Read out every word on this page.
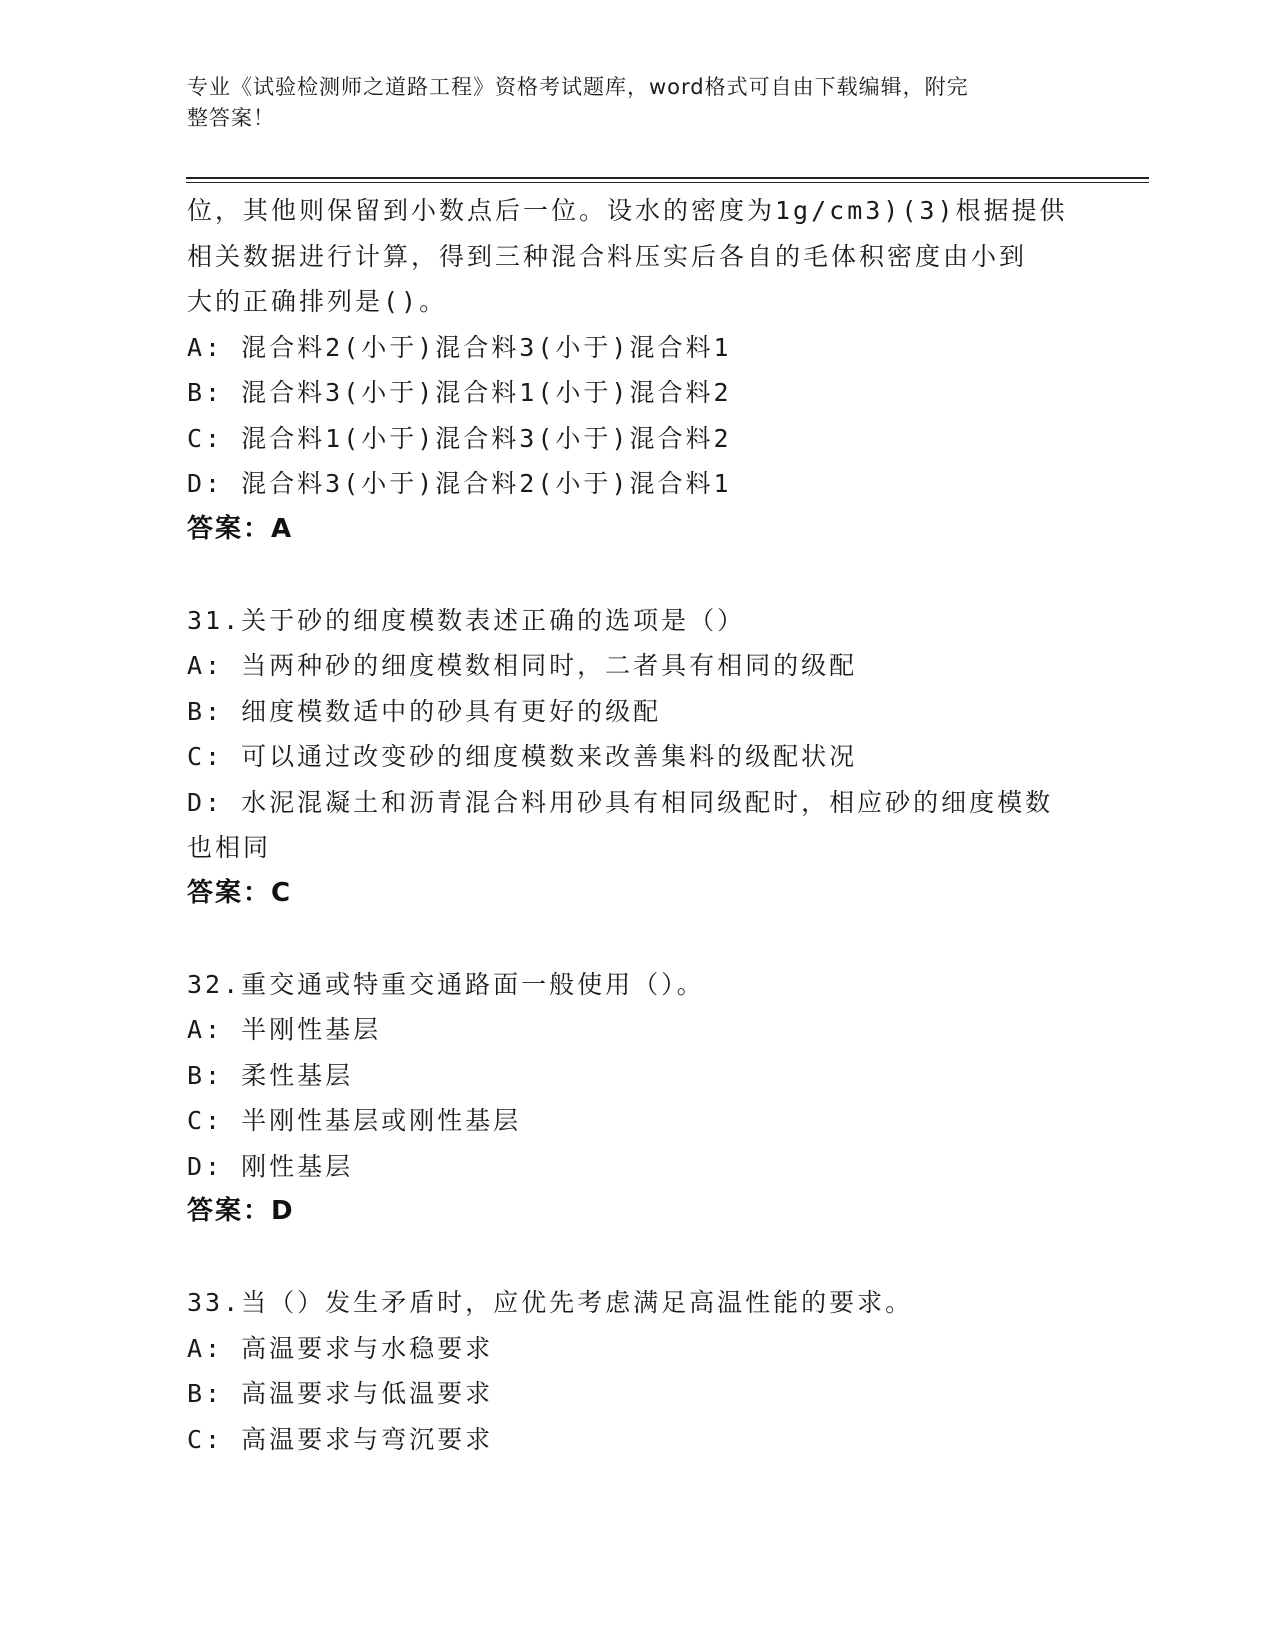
专业《试验检测师之道路工程》资格考试题库，word格式可自由下载编辑，附完
整答案！
位，其他则保留到小数点后一位。设水的密度为1g/cm3)(3)根据提供
相关数据进行计算，得到三种混合料压实后各自的毛体积密度由小到
大的正确排列是()。
A: 混合料2(小于)混合料3(小于)混合料1
B: 混合料3(小于)混合料1(小于)混合料2
C: 混合料1(小于)混合料3(小于)混合料2
D: 混合料3(小于)混合料2(小于)混合料1
答案：A
31.关于砂的细度模数表述正确的选项是（）
A: 当两种砂的细度模数相同时，二者具有相同的级配
B: 细度模数适中的砂具有更好的级配
C: 可以通过改变砂的细度模数来改善集料的级配状况
D: 水泥混凝土和沥青混合料用砂具有相同级配时，相应砂的细度模数
也相同
答案：C
32.重交通或特重交通路面一般使用（）。
A: 半刚性基层
B: 柔性基层
C: 半刚性基层或刚性基层
D: 刚性基层
答案：D
33.当（）发生矛盾时，应优先考虑满足高温性能的要求。
A: 高温要求与水稳要求
B: 高温要求与低温要求
C: 高温要求与弯沉要求
